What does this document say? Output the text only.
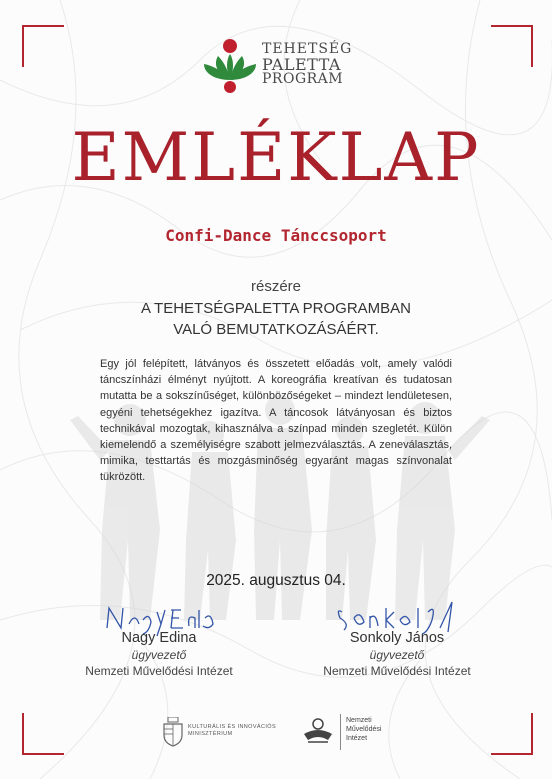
TEHETSÉG
PALETTA
PROGRAM
EMLÉKLAP
Confi-Dance Tánccsoport
részére
A TEHETSÉGPALETTA PROGRAMBAN
VALÓ BEMUTATKOZÁSÁÉRT.
Egy jól felépített, látványos és összetett előadás volt, amely valódi táncszínházi élményt nyújtott. A koreográfia kreatívan és tudatosan mutatta be a sokszínűséget, különbözőségeket – mindezt lendületesen, egyéni tehetségekhez igazítva. A táncosok látványosan és biztos technikával mozogtak, kihasználva a színpad minden szegletét. Külön kiemelendő a személyiségre szabott jelmezválasztás. A zeneválasztás, mimika, testtartás és mozgásminőség egyaránt magas színvonalat tükrözött.
2025. augusztus 04.
Nagy Edina
ügyvezető
Nemzeti Művelődési Intézet
Sonkoly János
ügyvezető
Nemzeti Művelődési Intézet
KULTURÁLIS ÉS INNOVÁCIÓS
MINISZTÉRIUM
Nemzeti
Művelődési
Intézet
